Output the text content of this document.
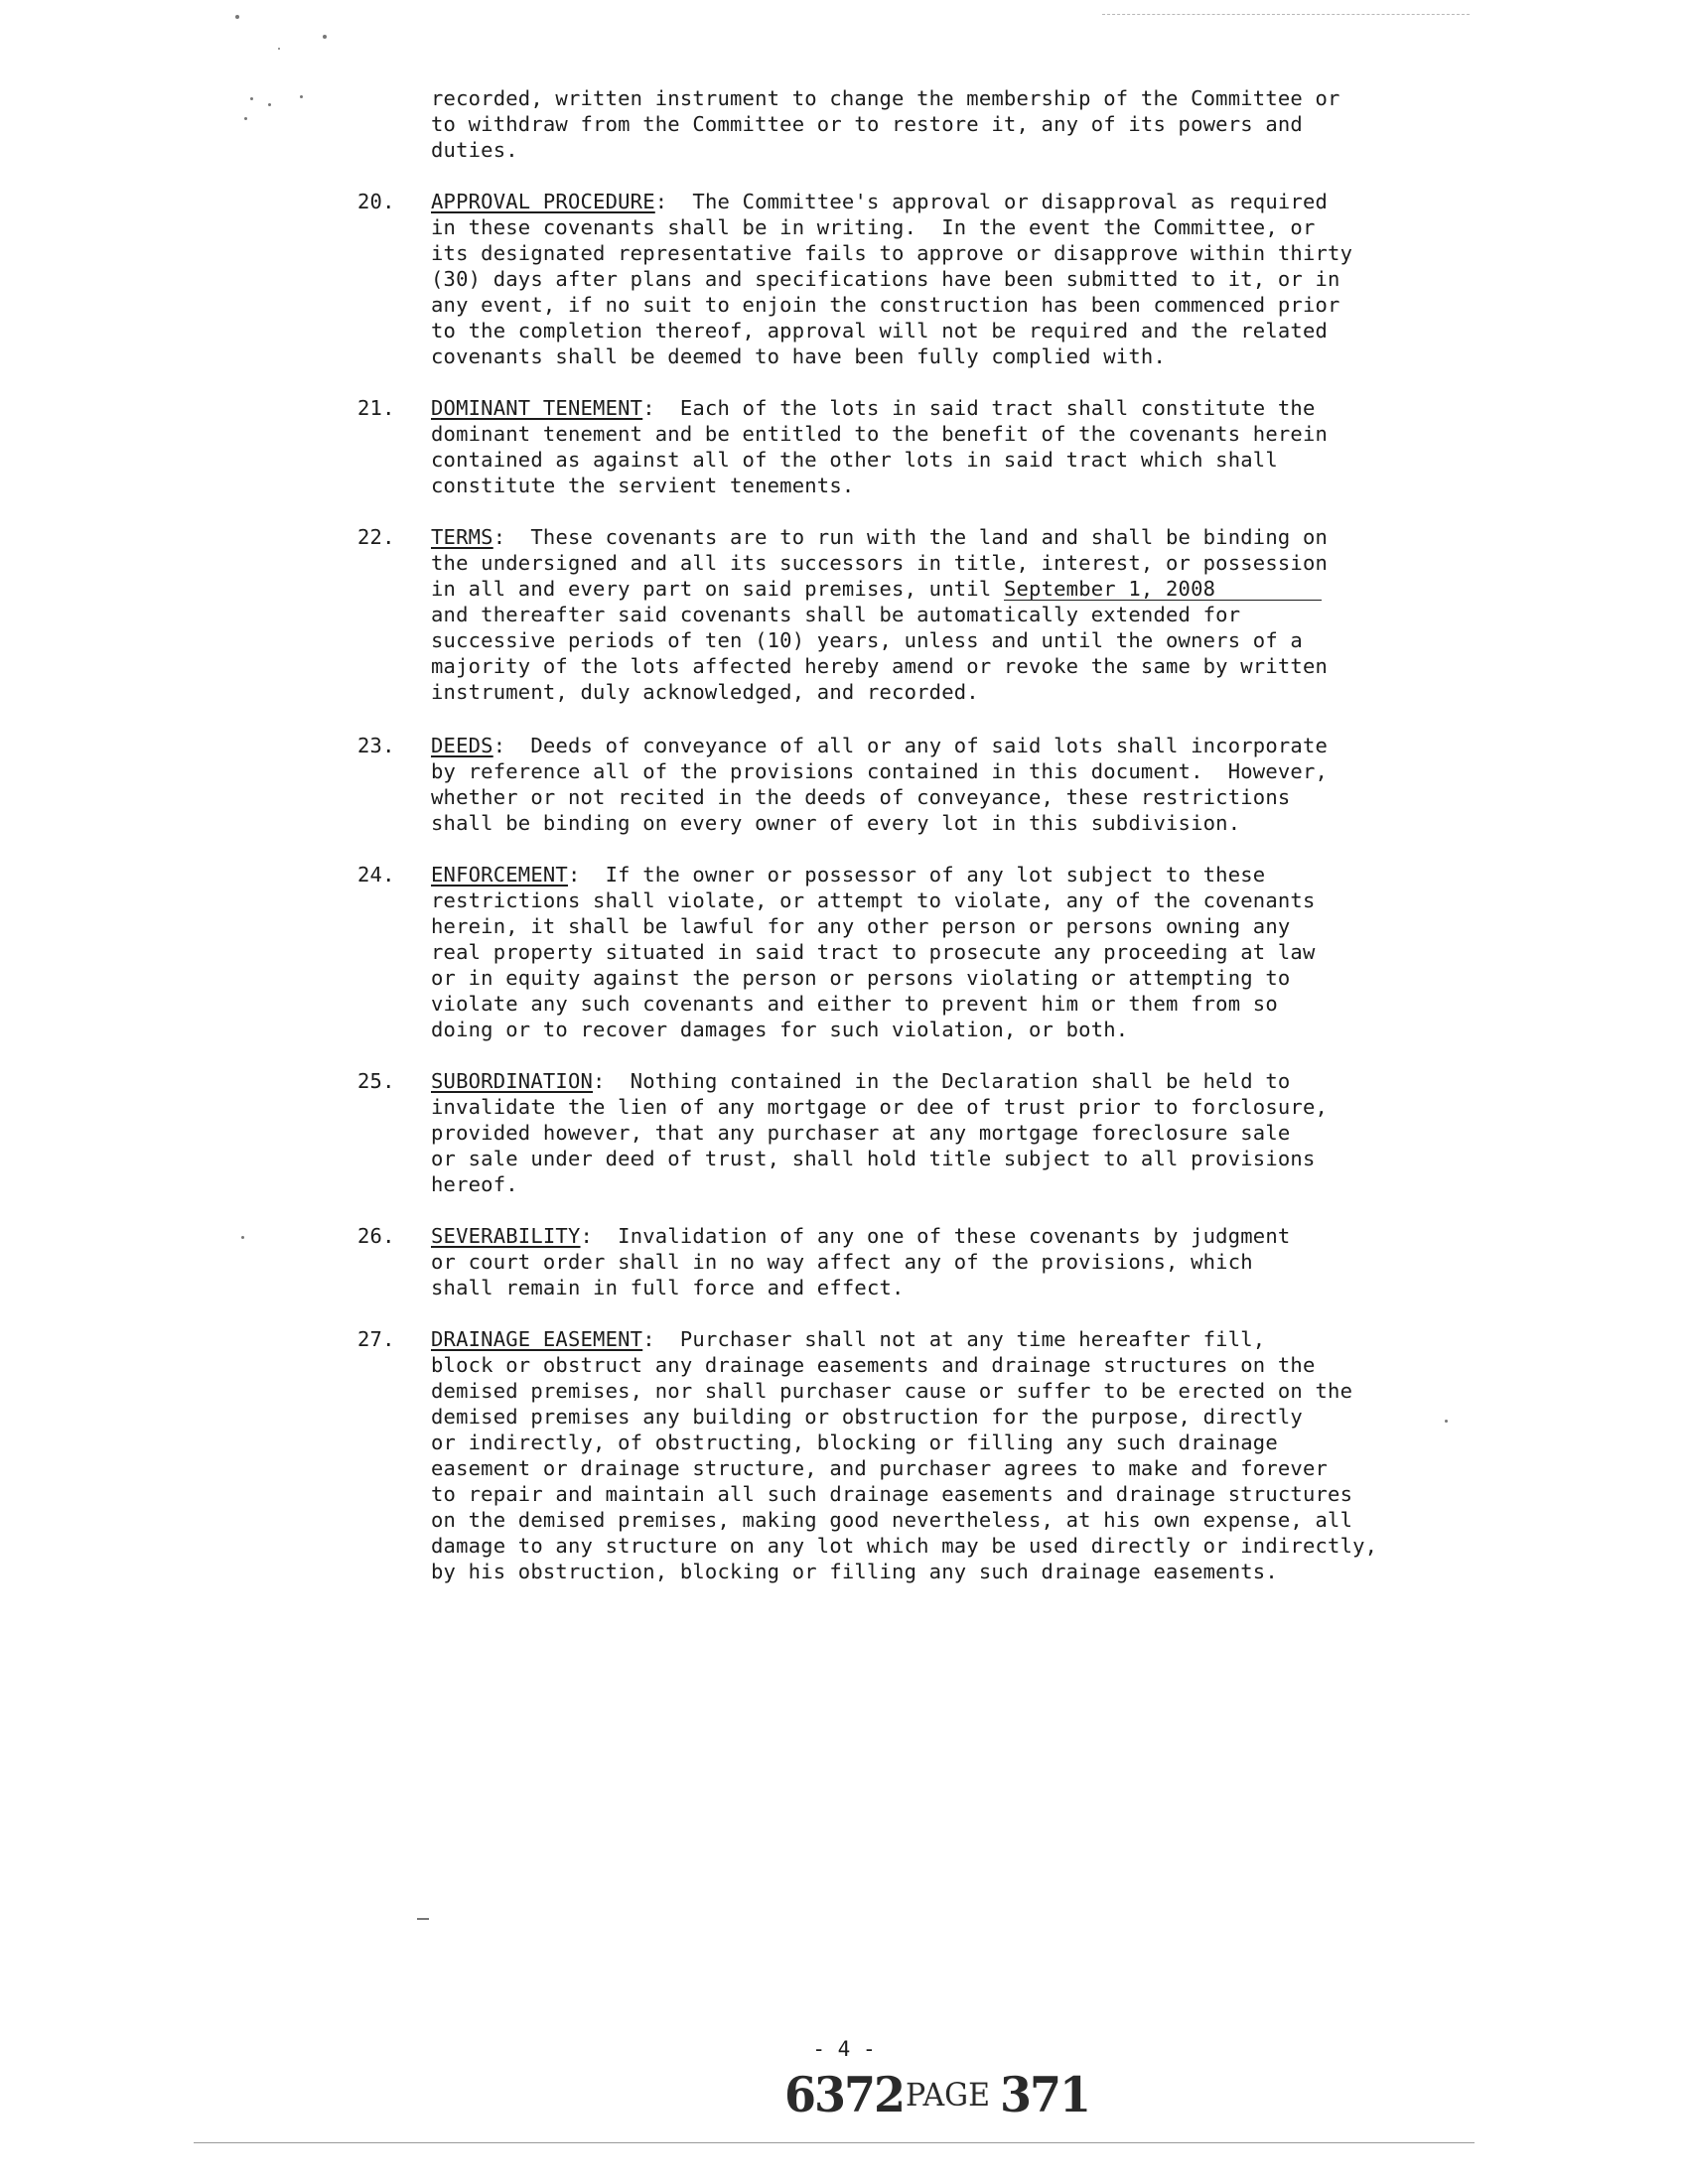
recorded, written instrument to change the membership of the Committee or
to withdraw from the Committee or to restore it, any of its powers and
duties.
20.	APPROVAL PROCEDURE:  The Committee's approval or disapproval as required
in these covenants shall be in writing.  In the event the Committee, or
its designated representative fails to approve or disapprove within thirty
(30) days after plans and specifications have been submitted to it, or in
any event, if no suit to enjoin the construction has been commenced prior
to the completion thereof, approval will not be required and the related
covenants shall be deemed to have been fully complied with.
21.	DOMINANT TENEMENT:  Each of the lots in said tract shall constitute the
dominant tenement and be entitled to the benefit of the covenants herein
contained as against all of the other lots in said tract which shall
constitute the servient tenements.
22.	TERMS:  These covenants are to run with the land and shall be binding on
the undersigned and all its successors in title, interest, or possession
in all and every part on said premises, until September 1, 2008
and thereafter said covenants shall be automatically extended for
successive periods of ten (10) years, unless and until the owners of a
majority of the lots affected hereby amend or revoke the same by written
instrument, duly acknowledged, and recorded.
23.	DEEDS:  Deeds of conveyance of all or any of said lots shall incorporate
by reference all of the provisions contained in this document.  However,
whether or not recited in the deeds of conveyance, these restrictions
shall be binding on every owner of every lot in this subdivision.
24.	ENFORCEMENT:  If the owner or possessor of any lot subject to these
restrictions shall violate, or attempt to violate, any of the covenants
herein, it shall be lawful for any other person or persons owning any
real property situated in said tract to prosecute any proceeding at law
or in equity against the person or persons violating or attempting to
violate any such covenants and either to prevent him or them from so
doing or to recover damages for such violation, or both.
25.	SUBORDINATION:  Nothing contained in the Declaration shall be held to
invalidate the lien of any mortgage or dee of trust prior to forclosure,
provided however, that any purchaser at any mortgage foreclosure sale
or sale under deed of trust, shall hold title subject to all provisions
hereof.
26.	SEVERABILITY:  Invalidation of any one of these covenants by judgment
or court order shall in no way affect any of the provisions, which
shall remain in full force and effect.
27.	DRAINAGE EASEMENT:  Purchaser shall not at any time hereafter fill,
block or obstruct any drainage easements and drainage structures on the
demised premises, nor shall purchaser cause or suffer to be erected on the
demised premises any building or obstruction for the purpose, directly
or indirectly, of obstructing, blocking or filling any such drainage
easement or drainage structure, and purchaser agrees to make and forever
to repair and maintain all such drainage easements and drainage structures
on the demised premises, making good nevertheless, at his own expense, all
damage to any structure on any lot which may be used directly or indirectly,
by his obstruction, blocking or filling any such drainage easements.
- 4 -
6372PAGE 371
